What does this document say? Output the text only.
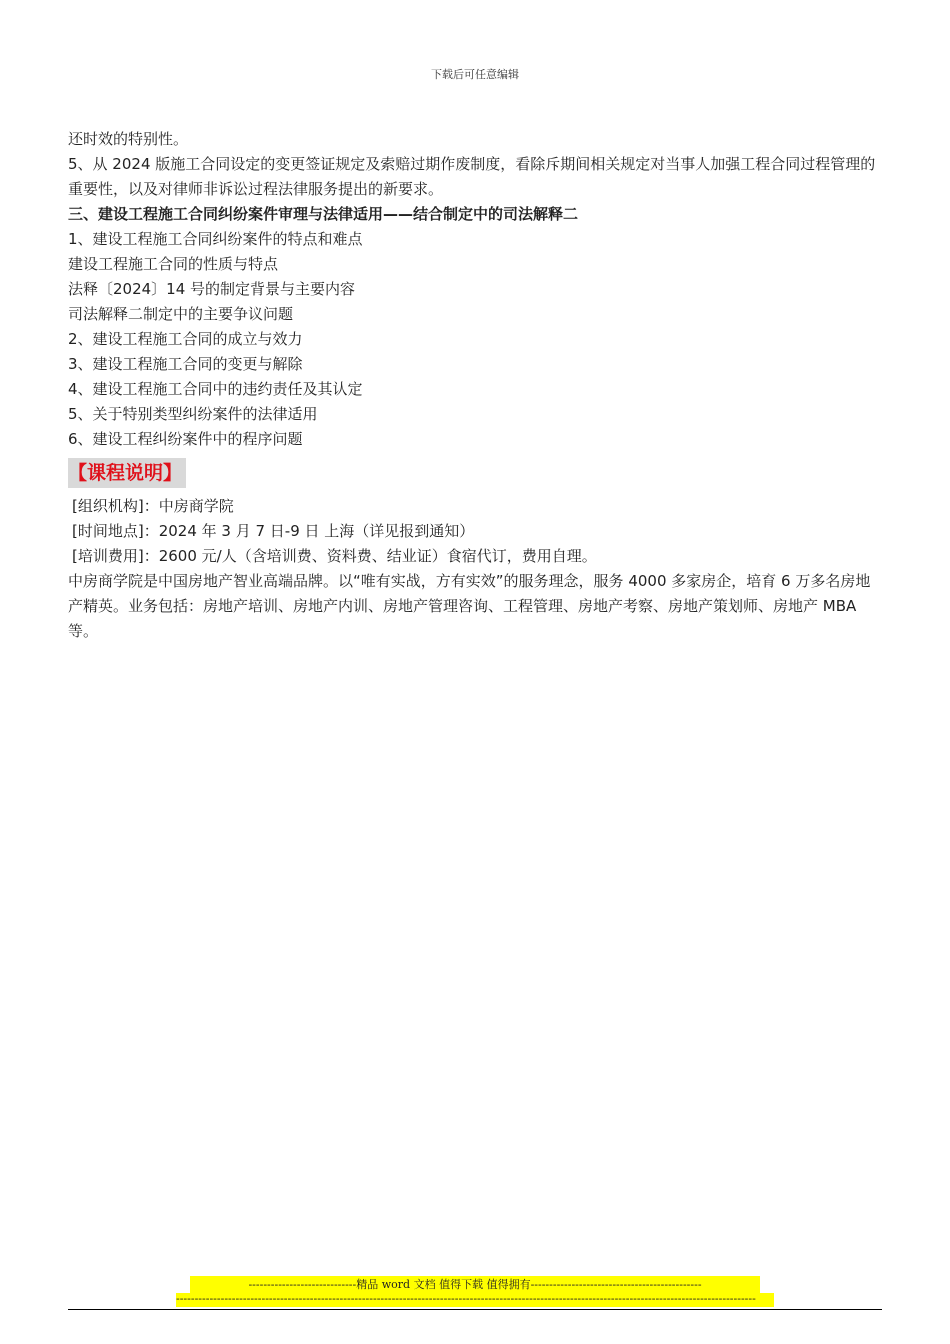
下载后可任意编辑
还时效的特别性。
5、从 2024 版施工合同设定的变更签证规定及索赔过期作废制度，看除斥期间相关规定对当事人加强工程合同过程管理的重要性，以及对律师非诉讼过程法律服务提出的新要求。
三、建设工程施工合同纠纷案件审理与法律适用——结合制定中的司法解释二
1、建设工程施工合同纠纷案件的特点和难点
建设工程施工合同的性质与特点
法释〔2024〕14 号的制定背景与主要内容
司法解释二制定中的主要争议问题
2、建设工程施工合同的成立与效力
3、建设工程施工合同的变更与解除
4、建设工程施工合同中的违约责任及其认定
5、关于特别类型纠纷案件的法律适用
6、建设工程纠纷案件中的程序问题
【课程说明】
[组织机构]：中房商学院
[时间地点]：2024 年 3 月 7 日-9 日 上海（详见报到通知）
[培训费用]：2600 元/人（含培训费、资料费、结业证）食宿代订，费用自理。
中房商学院是中国房地产智业高端品牌。以“唯有实战，方有实效”的服务理念，服务 4000 多家房企，培育 6 万多名房地产精英。业务包括：房地产培训、房地产内训、房地产管理咨询、工程管理、房地产考察、房地产策划师、房地产 MBA 等。
-----------------------------精品 word 文档 值得下载 值得拥有----------------------------------------------
------------------------------------------------------------------------------------------------------------------------------------------------------------
